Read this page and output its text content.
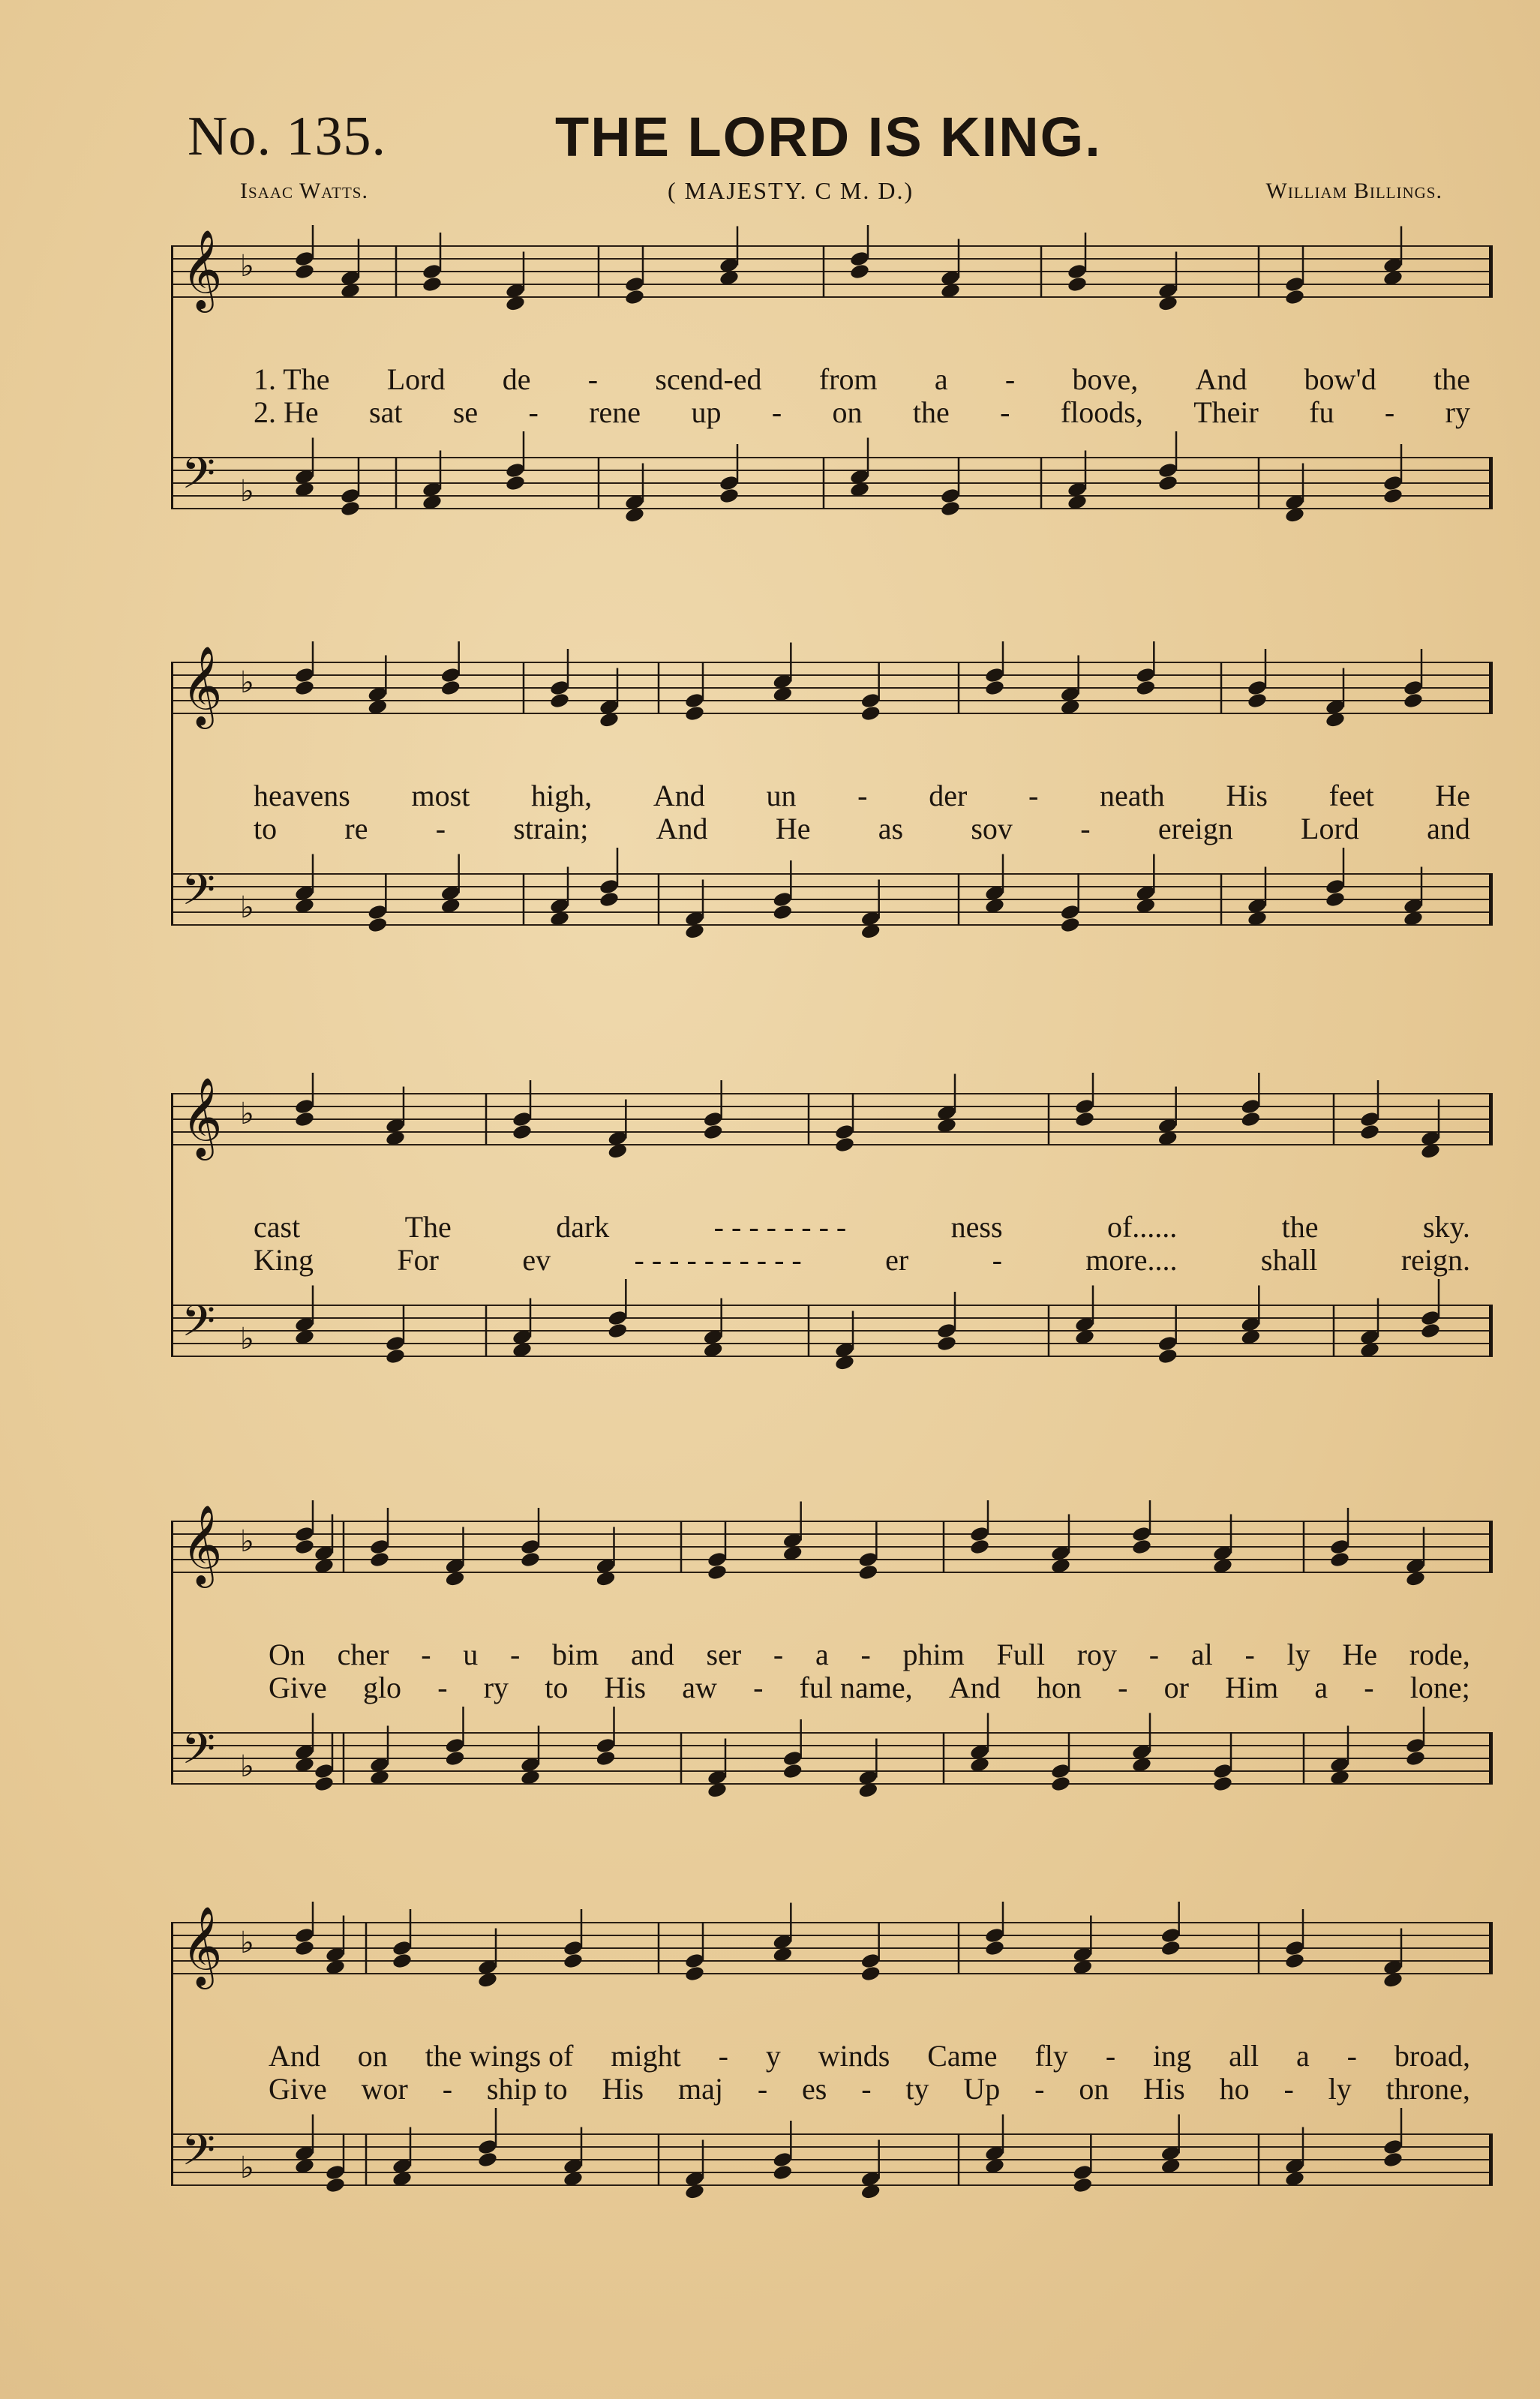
No. 135.	THE LORD IS KING.
Isaac Watts.	( MAJESTY. C M. D.)	William Billings.
𝄞 ♭
𝄢 ♭
1. The Lord de - scend-ed from a - bove, And bow'd the
2. He sat se - rene up - on the - floods, Their fu - ry
𝄞 ♭
𝄢 ♭
heavens most high, And un - der - neath His feet He
to re - strain; And He as sov - ereign Lord and
𝄞 ♭
𝄢 ♭
cast	The	dark	- - - - - - - -	ness	of......	the	sky.
King	For	ev	- - - - - - - - - -	er	-	more....	shall	reign.
𝄞 ♭
𝄢 ♭
On cher - u - bim and ser - a - phim Full roy - al - ly He rode,
Give glo - ry to His aw - ful name, And hon - or Him a - lone;
𝄞 ♭
𝄢 ♭
And on the wings of might - y winds Came fly - ing all a - broad,
Give wor - ship to His maj - es - ty Up - on His ho - ly throne,
